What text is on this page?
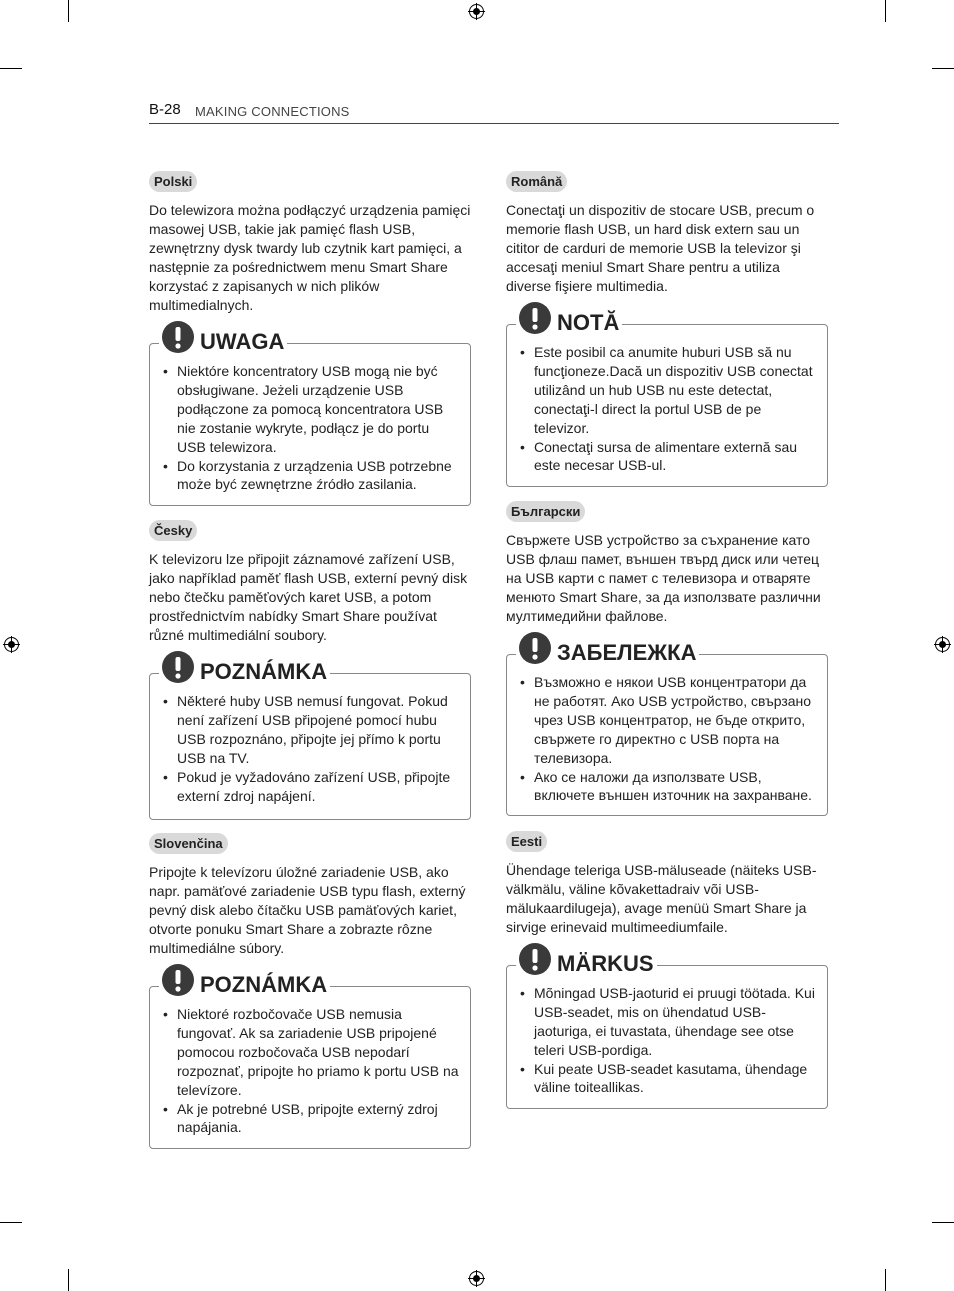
B-28 MAKING CONNECTIONS
Polski

Do telewizora można podłączyć urządzenia pamięci masowej USB, takie jak pamięć flash USB, zewnętrzny dysk twardy lub czytnik kart pamięci, a następnie za pośrednictwem menu Smart Share korzystać z zapisanych w nich plików multimedialnych.

UWAGA
• Niektóre koncentratory USB mogą nie być obsługiwane. Jeżeli urządzenie USB podłączone za pomocą koncentratora USB nie zostanie wykryte, podłącz je do portu USB telewizora.
• Do korzystania z urządzenia USB potrzebne może być zewnętrzne źródło zasilania.
Česky

K televizoru lze připojit záznamové zařízení USB, jako například paměť flash USB, externí pevný disk nebo čtečku paměťových karet USB, a potom prostřednictvím nabídky Smart Share používat různé multimediální soubory.

POZNÁMKA
• Některé huby USB nemusí fungovat. Pokud není zařízení USB připojené pomocí hubu USB rozpoznáno, připojte jej přímo k portu USB na TV.
• Pokud je vyžadováno zařízení USB, připojte externí zdroj napájení.
Slovenčina

Pripojte k televízoru úložné zariadenie USB, ako napr. pamäťové zariadenie USB typu flash, externý pevný disk alebo čítačku USB pamäťových kariet, otvorte ponuku Smart Share a zobrazte rôzne multimediálne súbory.

POZNÁMKA
• Niektoré rozbočovače USB nemusia fungovať. Ak sa zariadenie USB pripojené pomocou rozbočovača USB nepodarí rozpoznať, pripojte ho priamo k portu USB na televízore.
• Ak je potrebné USB, pripojte externý zdroj napájania.
Română

Conectaţi un dispozitiv de stocare USB, precum o memorie flash USB, un hard disk extern sau un cititor de carduri de memorie USB la televizor şi accesaţi meniul Smart Share pentru a utiliza diverse fişiere multimedia.

NOTĂ
• Este posibil ca anumite huburi USB să nu funcţioneze.Dacă un dispozitiv USB conectat utilizând un hub USB nu este detectat, conectaţi-l direct la portul USB de pe televizor.
• Conectaţi sursa de alimentare externă sau este necesar USB-ul.
Български

Свържете USB устройство за съхранение като USB флаш памет, външен твърд диск или четец на USB карти с памет с телевизора и отваряте менюто Smart Share, за да използвате различни мултимедийни файлове.

ЗАБЕЛЕЖКА
• Възможно е някои USB концентратори да не работят. Ако USB устройство, свързано чрез USB концентратор, не бъде открито, свържете го директно с USB порта на телевизора.
• Ако се наложи да използвате USB, включете външен източник на захранване.
Eesti

Ühendage teleriga USB-mäluseade (näiteks USB-välkmälu, väline kõvakettadraiv või USB-mälukaardilugeja), avage menüü Smart Share ja sirvige erinevaid multimeediumfaile.

MÄRKUS
• Mõningad USB-jaoturid ei pruugi töötada. Kui USB-seadet, mis on ühendatud USB-jaoturiga, ei tuvastata, ühendage see otse teleri USB-pordiga.
• Kui peate USB-seadet kasutama, ühendage väline toiteallikas.
